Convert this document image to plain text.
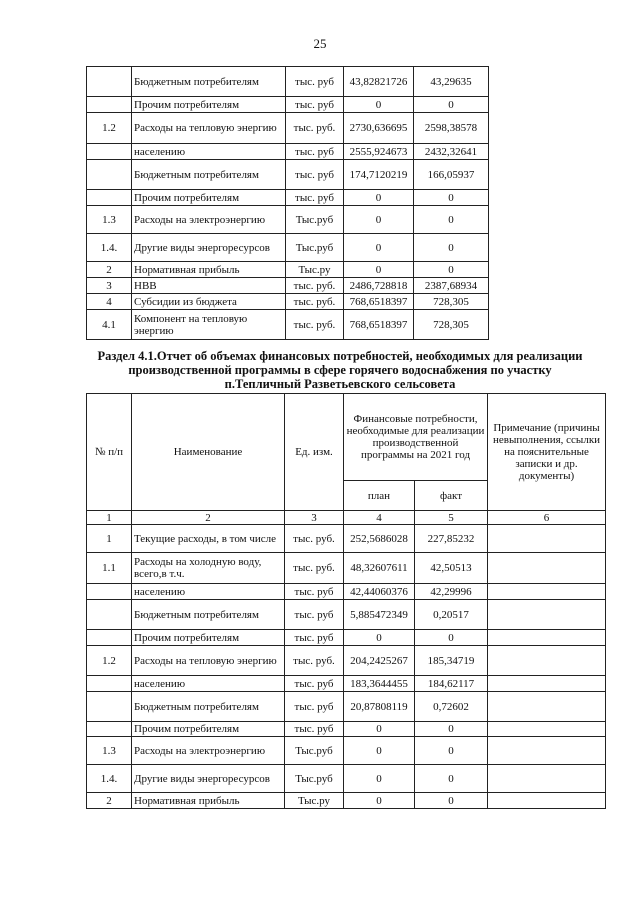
25
	Бюджетным потребителям	тыс. руб	43,82821726	43,29635
	Прочим потребителям	тыс. руб	0	0
1.2	Расходы на тепловую энергию	тыс. руб.	2730,636695	2598,38578
	населению	тыс. руб	2555,924673	2432,32641
	Бюджетным потребителям	тыс. руб	174,7120219	166,05937
	Прочим потребителям	тыс. руб	0	0
1.3	Расходы на электроэнергию	Тыс.руб	0	0
1.4.	Другие виды энергоресурсов	Тыс.руб	0	0
2	Нормативная прибыль	Тыс.ру	0	0
3	НВВ	тыс. руб.	2486,728818	2387,68934
4	Субсидии из бюджета	тыс. руб.	768,6518397	728,305
4.1	Компонент на тепловую энергию	тыс. руб.	768,6518397	728,305
Раздел 4.1.Отчет об объемах финансовых потребностей, необходимых для реализации производственной программы в сфере горячего водоснабжения по участку п.Тепличный Разветьевского сельсовета
№ п/п	Наименование	Ед. изм.	Финансовые потребности, необходимые для реализации производственной программы на 2021 год		Примечание (причины невыполнения, ссылки на пояснительные записки и др. документы)
			план	факт	
1	2	3	4	5	6
1	Текущие расходы, в том числе	тыс. руб.	252,5686028	227,85232	
1.1	Расходы на холодную воду, всего,в т.ч.	тыс. руб.	48,32607611	42,50513	
	населению	тыс. руб	42,44060376	42,29996	
	Бюджетным потребителям	тыс. руб	5,885472349	0,20517	
	Прочим потребителям	тыс. руб	0	0	
1.2	Расходы на тепловую энергию	тыс. руб.	204,2425267	185,34719	
	населению	тыс. руб	183,3644455	184,62117	
	Бюджетным потребителям	тыс. руб	20,87808119	0,72602	
	Прочим потребителям	тыс. руб	0	0	
1.3	Расходы на электроэнергию	Тыс.руб	0	0	
1.4.	Другие виды энергоресурсов	Тыс.руб	0	0	
2	Нормативная прибыль	Тыс.ру	0	0	
